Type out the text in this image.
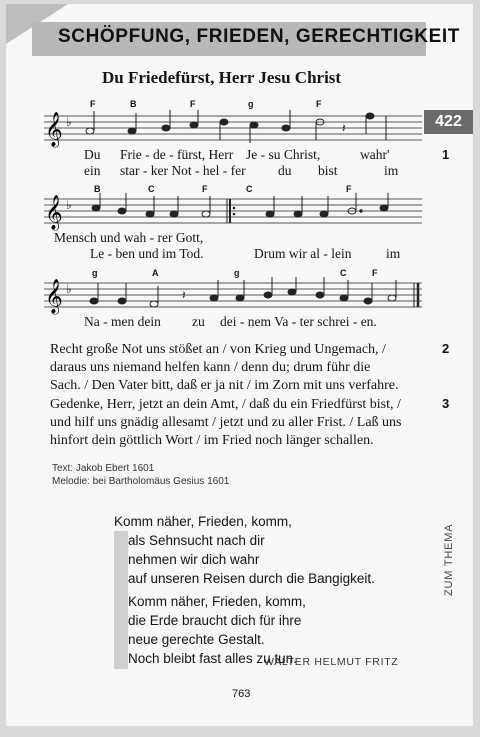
SCHÖPFUNG, FRIEDEN, GERECHTIGKEIT
Du Friedefürst, Herr Jesu Christ
422
F	B	F	g	F
𝄞 ♭	𝄽
Du Frie - de - fürst, Herr Je - su Christ,	wahr'
ein star - ker Not - hel - fer du bist	im
1
B	C	F	C	F
𝄞 ♭
Mensch und wah - rer Gott,
Le - ben und im Tod.	Drum wir al - lein	im
g	A	g	C	F
𝄞 ♭	𝄽
Na - men dein zu dei - nem Va - ter schrei - en.
2
Recht große Not uns stößet an / von Krieg und Ungemach, /
daraus uns niemand helfen kann / denn du; drum führ die
Sach. / Den Vater bitt, daß er ja nit / im Zorn mit uns verfahre.
3
Gedenke, Herr, jetzt an dein Amt, / daß du ein Friedfürst bist, /
und hilf uns gnädig allesamt / jetzt und zu aller Frist. / Laß uns
hinfort dein göttlich Wort / im Fried noch länger schallen.
Text: Jakob Ebert 1601
Melodie: bei Bartholomäus Gesius 1601
Komm näher, Frieden, komm,
als Sehnsucht nach dir
nehmen wir dich wahr
auf unseren Reisen durch die Bangigkeit.
Komm näher, Frieden, komm,
die Erde braucht dich für ihre
neue gerechte Gestalt.
Noch bleibt fast alles zu tun.
WALTER HELMUT FRITZ
ZUM THEMA
763
